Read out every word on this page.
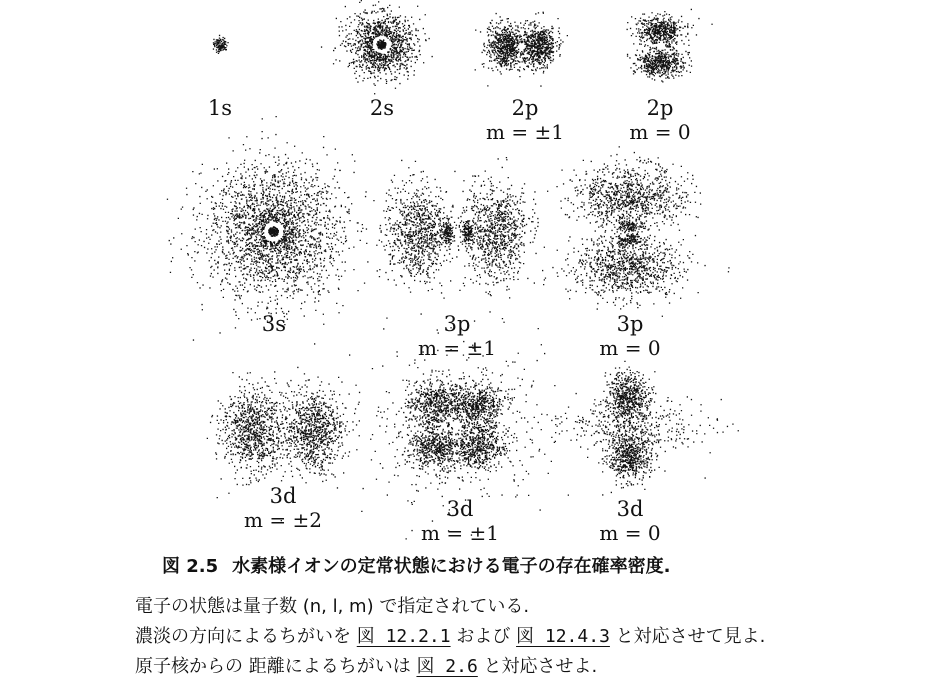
1s	2s	2p
m = ±1
2p
m = 0
3s	3p
m = ±1
3p
m = 0
3d
m = ±2	3d
m = ±1
3d
m = 0
図 2.5 水素様イオンの定常状態における電子の存在確率密度.
電子の状態は量子数 (n, l, m) で指定されている.
濃淡の方向によるちがいを 図 12.2.1 および 図 12.4.3 と対応させて見よ.
原子核からの 距離によるちがいは 図 2.6 と対応させよ.
